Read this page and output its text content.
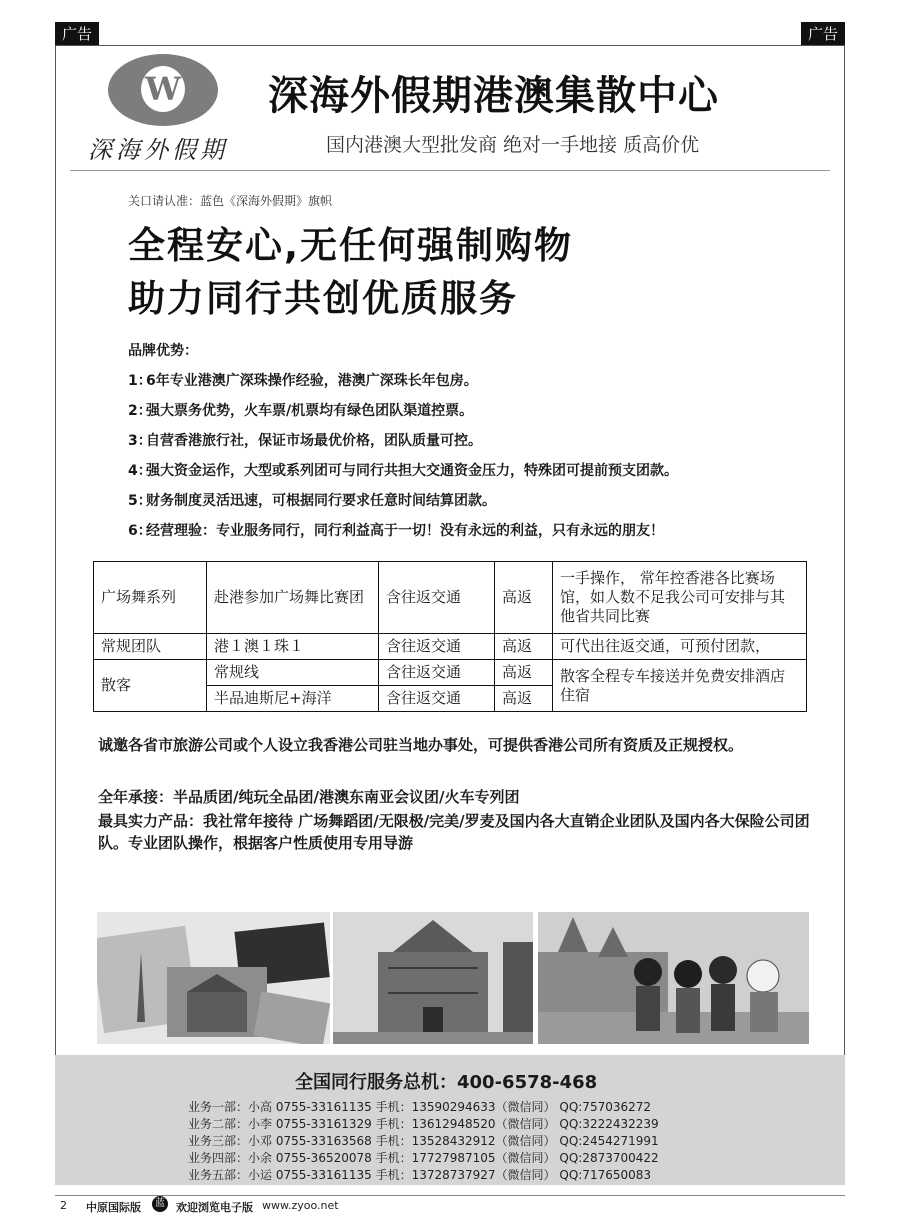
广告	广告
W
深海外假期
深海外假期港澳集散中心
国内港澳大型批发商 绝对一手地接 质高价优
关口请认准：蓝色《深海外假期》旗帜
全程安心,无任何强制购物
助力同行共创优质服务
品牌优势：
1：6年专业港澳广深珠操作经验，港澳广深珠长年包房。
2：强大票务优势，火车票/机票均有绿色团队渠道控票。
3：自营香港旅行社，保证市场最优价格，团队质量可控。
4：强大资金运作，大型或系列团可与同行共担大交通资金压力，特殊团可提前预支团款。
5：财务制度灵活迅速，可根据同行要求任意时间结算团款。
6：经营理验：专业服务同行，同行利益高于一切！没有永远的利益，只有永远的朋友！
广场舞系列	赴港参加广场舞比赛团	含往返交通	高返	一手操作， 常年控香港各比赛场馆，如人数不足我公司可安排与其他省共同比赛
常规团队	港１澳１珠１	含往返交通	高返	可代出往返交通，可预付团款，
散客	常规线	含往返交通	高返	散客全程专车接送并免费安排酒店住宿
	半品迪斯尼+海洋	含往返交通	高返	
诚邀各省市旅游公司或个人设立我香港公司驻当地办事处，可提供香港公司所有资质及正规授权。
全年承接：半品质团/纯玩全品团/港澳东南亚会议团/火车专列团
最具实力产品：我社常年接待 广场舞蹈团/无限极/完美/罗麦及国内各大直销企业团队及国内各大保险公司团队。专业团队操作，根据客户性质使用专用导游
全国同行服务总机：400-6578-468
业务一部：小高 0755-33161135 手机：13590294633（微信同） QQ:757036272
业务二部：小李 0755-33161329 手机：13612948520（微信同） QQ:3222432239
业务三部：小邓 0755-33163568 手机：13528432912（微信同） QQ:2454271991
业务四部：小余 0755-36520078 手机：17727987105（微信同） QQ:2873700422
业务五部：小运 0755-33161135 手机：13728737927（微信同） QQ:717650083
2 中原国际版	蓝 欢迎浏览电子版 www.zyoo.net
